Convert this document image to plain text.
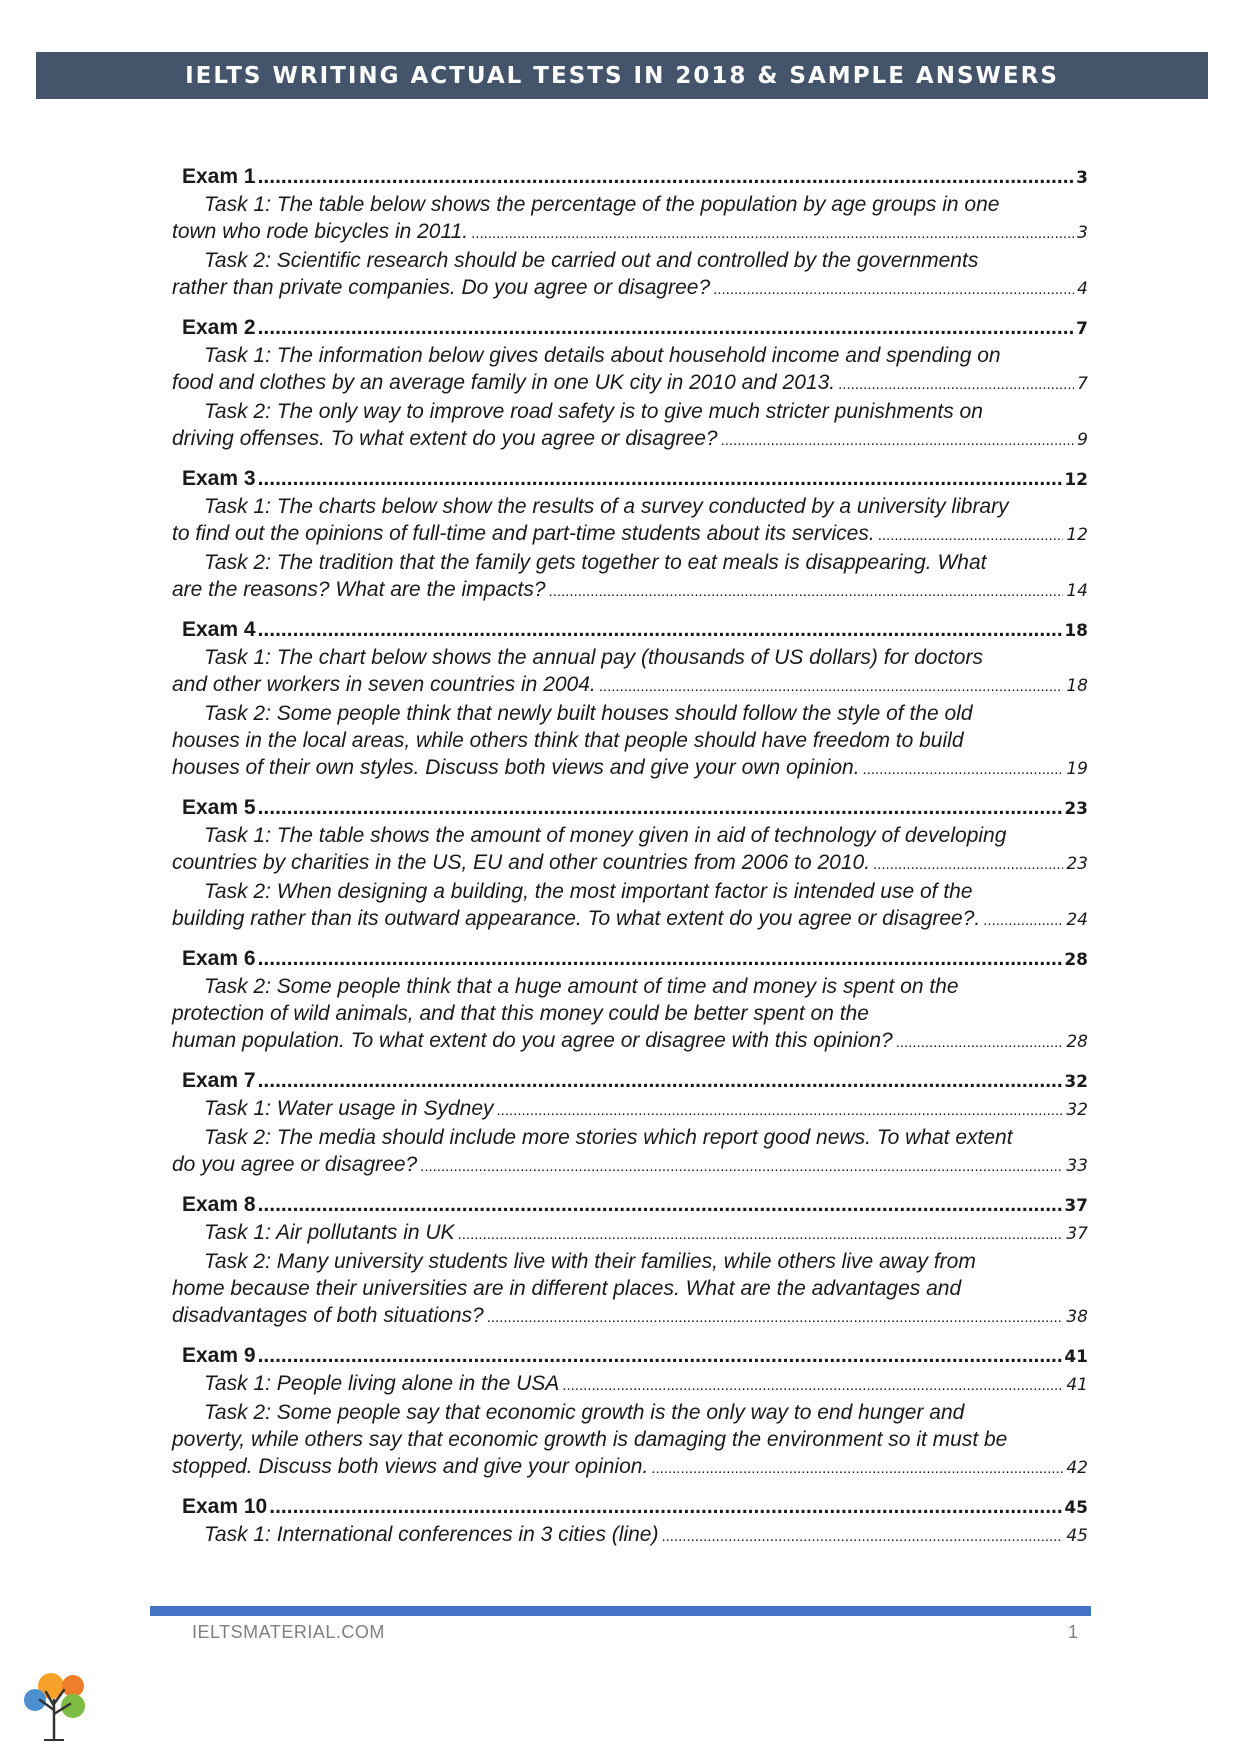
IELTS WRITING ACTUAL TESTS IN 2018 & SAMPLE ANSWERS
Exam 1 .....	3
Task 1: The table below shows the percentage of the population by age groups in one
town who rode bicycles in 2011. .....	3
Task 2: Scientific research should be carried out and controlled by the governments
rather than private companies. Do you agree or disagree? .....	4
Exam 2 .....	7
Task 1: The information below gives details about household income and spending on
food and clothes by an average family in one UK city in 2010 and 2013. .....	7
Task 2: The only way to improve road safety is to give much stricter punishments on
driving offenses. To what extent do you agree or disagree? .....	9
Exam 3 .....	12
Task 1: The charts below show the results of a survey conducted by a university library
to find out the opinions of full-time and part-time students about its services. .....	12
Task 2: The tradition that the family gets together to eat meals is disappearing. What
are the reasons? What are the impacts? .....	14
Exam 4 .....	18
Task 1: The chart below shows the annual pay (thousands of US dollars) for doctors
and other workers in seven countries in 2004. .....	18
Task 2: Some people think that newly built houses should follow the style of the old
houses in the local areas, while others think that people should have freedom to build
houses of their own styles. Discuss both views and give your own opinion. .....	19
Exam 5 .....	23
Task 1: The table shows the amount of money given in aid of technology of developing
countries by charities in the US, EU and other countries from 2006 to 2010. .....	23
Task 2: When designing a building, the most important factor is intended use of the
building rather than its outward appearance. To what extent do you agree or disagree?. .....	24
Exam 6 .....	28
Task 2: Some people think that a huge amount of time and money is spent on the
protection of wild animals, and that this money could be better spent on the
human population. To what extent do you agree or disagree with this opinion? .....	28
Exam 7 .....	32
Task 1: Water usage in Sydney .....	32
Task 2: The media should include more stories which report good news. To what extent
do you agree or disagree? .....	33
Exam 8 .....	37
Task 1: Air pollutants in UK .....	37
Task 2: Many university students live with their families, while others live away from
home because their universities are in different places. What are the advantages and
disadvantages of both situations? .....	38
Exam 9 .....	41
Task 1: People living alone in the USA .....	41
Task 2: Some people say that economic growth is the only way to end hunger and
poverty, while others say that economic growth is damaging the environment so it must be
stopped. Discuss both views and give your opinion. .....	42
Exam 10 .....	45
Task 1: International conferences in 3 cities (line) .....	45
IELTSMATERIAL.COM	1
